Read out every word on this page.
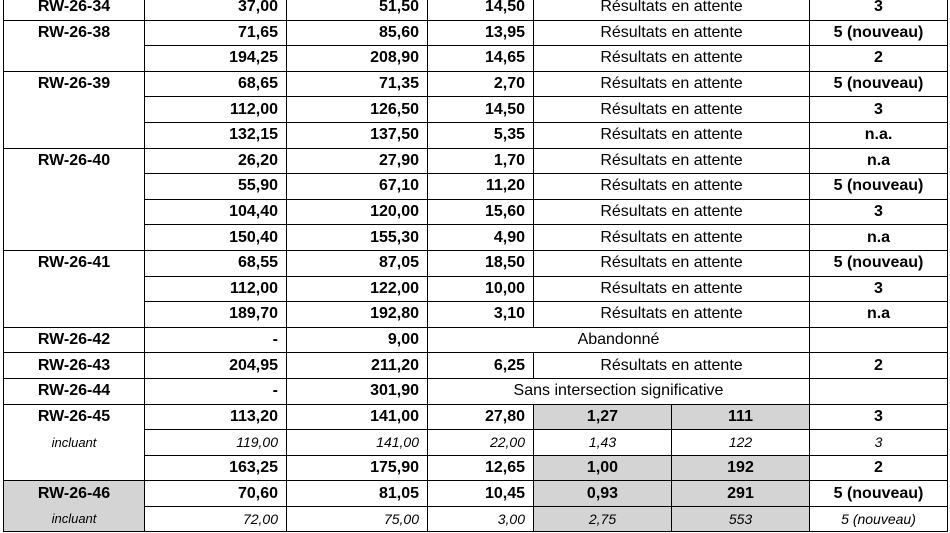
RW-26-34	37,00	51,50	14,50	Résultats en attente		3
RW-26-38	71,65	85,60	13,95	Résultats en attente		5 (nouveau)
	194,25	208,90	14,65	Résultats en attente		2
RW-26-39	68,65	71,35	2,70	Résultats en attente		5 (nouveau)
	112,00	126,50	14,50	Résultats en attente		3
	132,15	137,50	5,35	Résultats en attente		n.a.
RW-26-40	26,20	27,90	1,70	Résultats en attente		n.a
	55,90	67,10	11,20	Résultats en attente		5 (nouveau)
	104,40	120,00	15,60	Résultats en attente		3
	150,40	155,30	4,90	Résultats en attente		n.a
RW-26-41	68,55	87,05	18,50	Résultats en attente		5 (nouveau)
	112,00	122,00	10,00	Résultats en attente		3
	189,70	192,80	3,10	Résultats en attente		n.a
RW-26-42	-	9,00	Abandonné			
RW-26-43	204,95	211,20	6,25	Résultats en attente		2
RW-26-44	-	301,90	Sans intersection significative			
RW-26-45	113,20	141,00	27,80	1,27	111	3
incluant	119,00	141,00	22,00	1,43	122	3
	163,25	175,90	12,65	1,00	192	2
RW-26-46	70,60	81,05	10,45	0,93	291	5 (nouveau)
incluant	72,00	75,00	3,00	2,75	553	5 (nouveau)
